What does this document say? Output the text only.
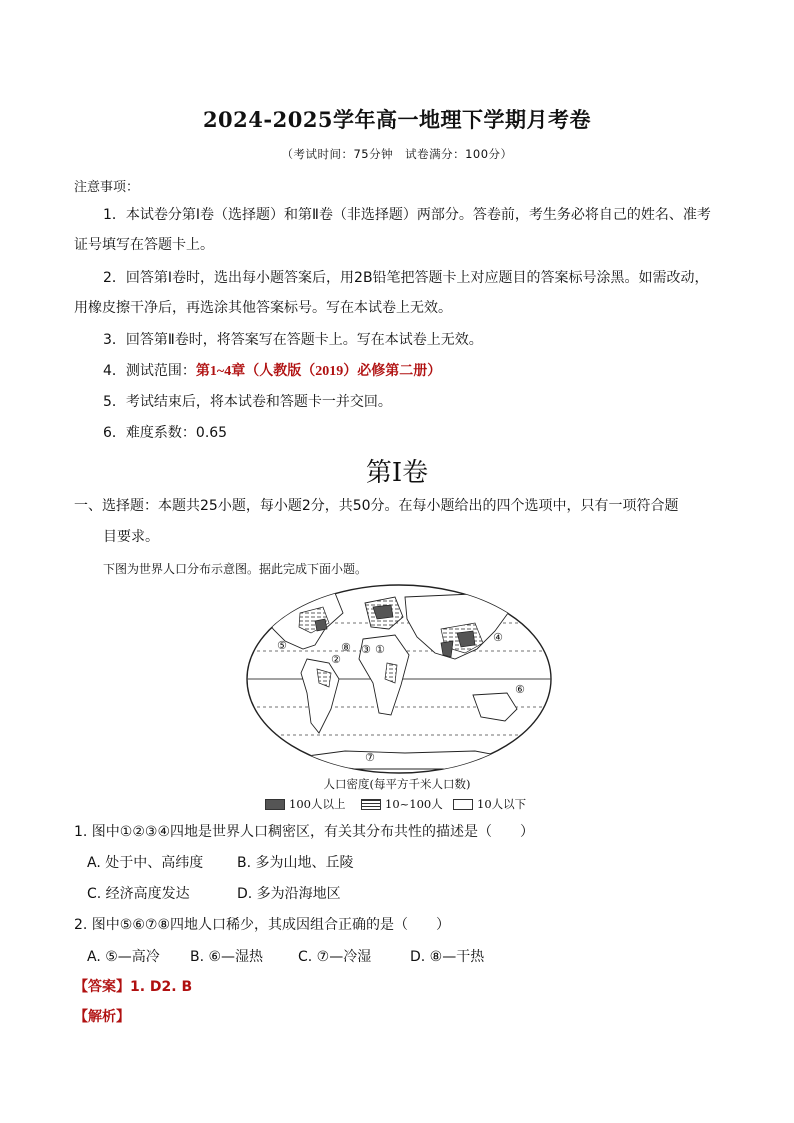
2024-2025学年高一地理下学期月考卷
（考试时间：75分钟　试卷满分：100分）
注意事项：
1．本试卷分第Ⅰ卷（选择题）和第Ⅱ卷（非选择题）两部分。答卷前，考生务必将自己的姓名、准考
证号填写在答题卡上。
2．回答第Ⅰ卷时，选出每小题答案后，用2B铅笔把答题卡上对应题目的答案标号涂黑。如需改动，
用橡皮擦干净后，再选涂其他答案标号。写在本试卷上无效。
3．回答第Ⅱ卷时，将答案写在答题卡上。写在本试卷上无效。
4．测试范围：第1~4章（人教版（2019）必修第二册）
5．考试结束后，将本试卷和答题卡一并交回。
6．难度系数：0.65
第Ⅰ卷
一、选择题：本题共25小题，每小题2分，共50分。在每小题给出的四个选项中，只有一项符合题
目要求。
下图为世界人口分布示意图。据此完成下面小题。
①
②
③
④
⑤
⑥
⑦
⑧
人口密度(每平方千米人口数)
100人以上	10~100人	10人以下
1. 图中①②③④四地是世界人口稠密区，有关其分布共性的描述是（　　）
A. 处于中、高纬度 B. 多为山地、丘陵
C. 经济高度发达	D. 多为沿海地区
2. 图中⑤⑥⑦⑧四地人口稀少，其成因组合正确的是（　　）
A. ⑤—高冷 B. ⑥—湿热 C. ⑦—冷湿	D. ⑧—干热
【答案】1. D2. B
【解析】
